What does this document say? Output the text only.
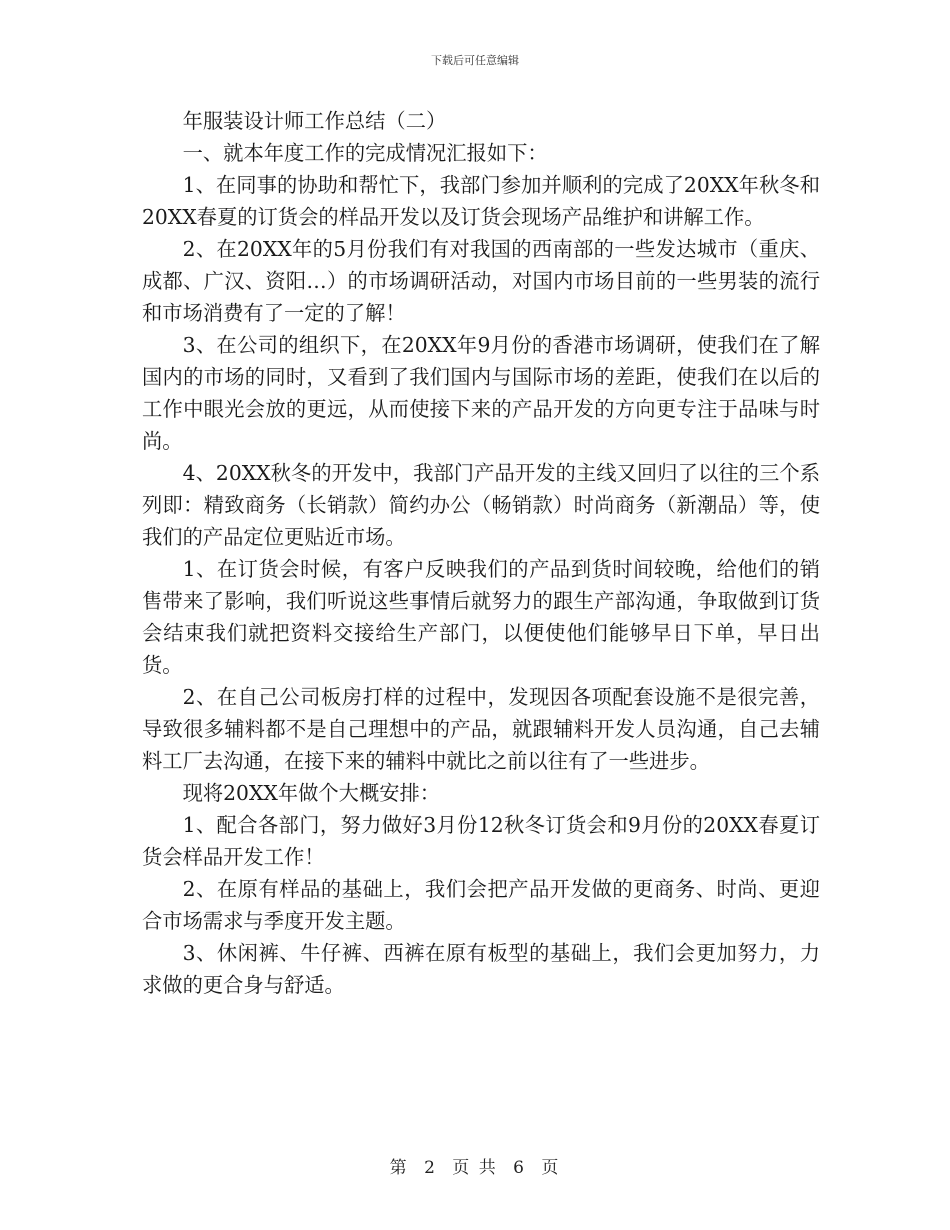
下载后可任意编辑

年服装设计师工作总结（二）

一、就本年度工作的完成情况汇报如下：

1、在同事的协助和帮忙下，我部门参加并顺利的完成了20XX年秋冬和20XX春夏的订货会的样品开发以及订货会现场产品维护和讲解工作。

2、在20XX年的5月份我们有对我国的西南部的一些发达城市（重庆、成都、广汉、资阳…）的市场调研活动，对国内市场目前的一些男装的流行和市场消费有了一定的了解！

3、在公司的组织下，在20XX年9月份的香港市场调研，使我们在了解国内的市场的同时，又看到了我们国内与国际市场的差距，使我们在以后的工作中眼光会放的更远，从而使接下来的产品开发的方向更专注于品味与时尚。

4、20XX秋冬的开发中，我部门产品开发的主线又回归了以往的三个系列即：精致商务（长销款）简约办公（畅销款）时尚商务（新潮品）等，使我们的产品定位更贴近市场。

1、在订货会时候，有客户反映我们的产品到货时间较晚，给他们的销售带来了影响，我们听说这些事情后就努力的跟生产部沟通，争取做到订货会结束我们就把资料交接给生产部门，以便使他们能够早日下单，早日出货。

2、在自己公司板房打样的过程中，发现因各项配套设施不是很完善，导致很多辅料都不是自己理想中的产品，就跟辅料开发人员沟通，自己去辅料工厂去沟通，在接下来的辅料中就比之前以往有了一些进步。

现将20XX年做个大概安排：

1、配合各部门，努力做好3月份12秋冬订货会和9月份的20XX春夏订货会样品开发工作！

2、在原有样品的基础上，我们会把产品开发做的更商务、时尚、更迎合市场需求与季度开发主题。

3、休闲裤、牛仔裤、西裤在原有板型的基础上，我们会更加努力，力求做的更合身与舒适。

第 2 页 共 6 页
